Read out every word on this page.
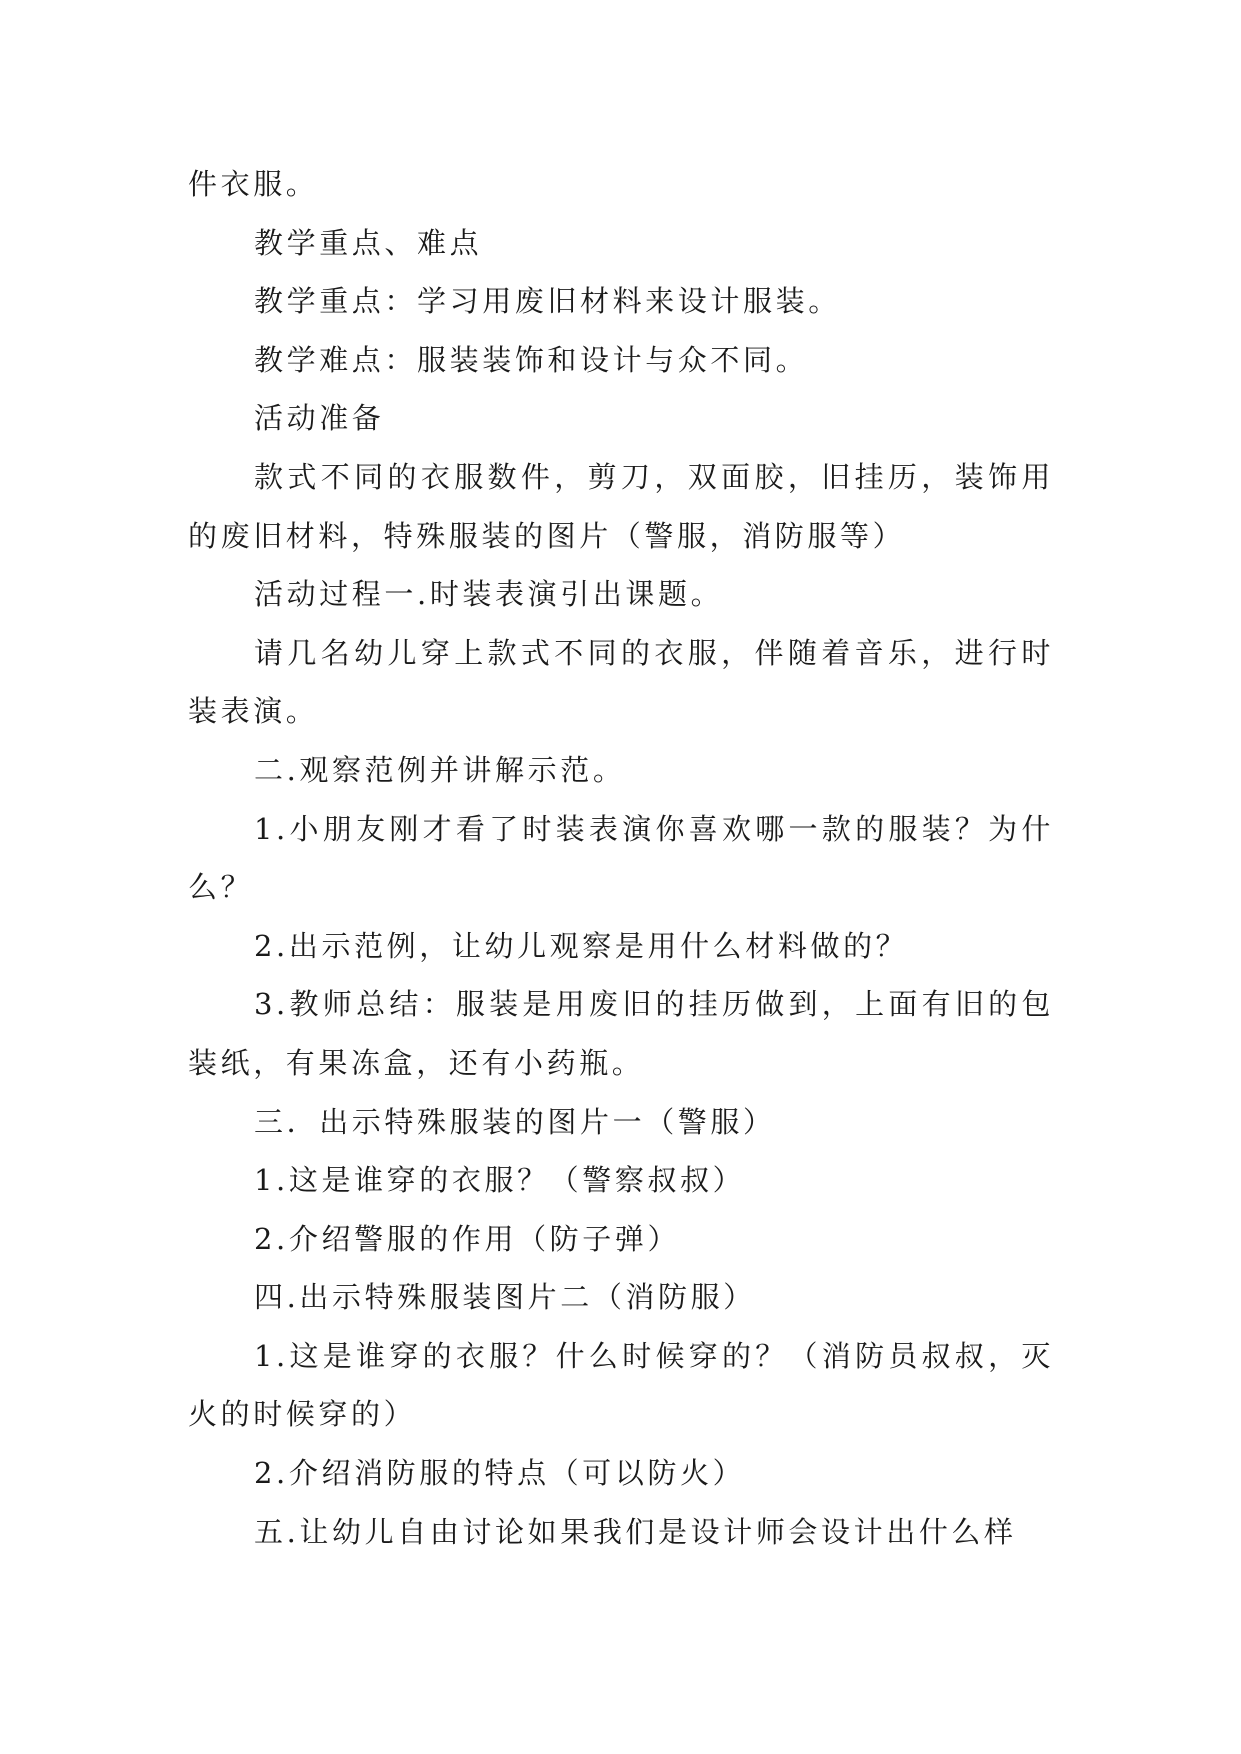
件衣服。

教学重点、难点

教学重点：学习用废旧材料来设计服装。

教学难点：服装装饰和设计与众不同。

活动准备

款式不同的衣服数件，剪刀，双面胶，旧挂历，装饰用的废旧材料，特殊服装的图片（警服，消防服等）

活动过程一.时装表演引出课题。

请几名幼儿穿上款式不同的衣服，伴随着音乐，进行时装表演。

二.观察范例并讲解示范。

1.小朋友刚才看了时装表演你喜欢哪一款的服装？为什么？

2.出示范例，让幼儿观察是用什么材料做的？

3.教师总结：服装是用废旧的挂历做到，上面有旧的包装纸，有果冻盒，还有小药瓶。

三．出示特殊服装的图片一（警服）

1.这是谁穿的衣服？（警察叔叔）

2.介绍警服的作用（防子弹）

四.出示特殊服装图片二（消防服）

1.这是谁穿的衣服？什么时候穿的？（消防员叔叔，灭火的时候穿的）

2.介绍消防服的特点（可以防火）

五.让幼儿自由讨论如果我们是设计师会设计出什么样
